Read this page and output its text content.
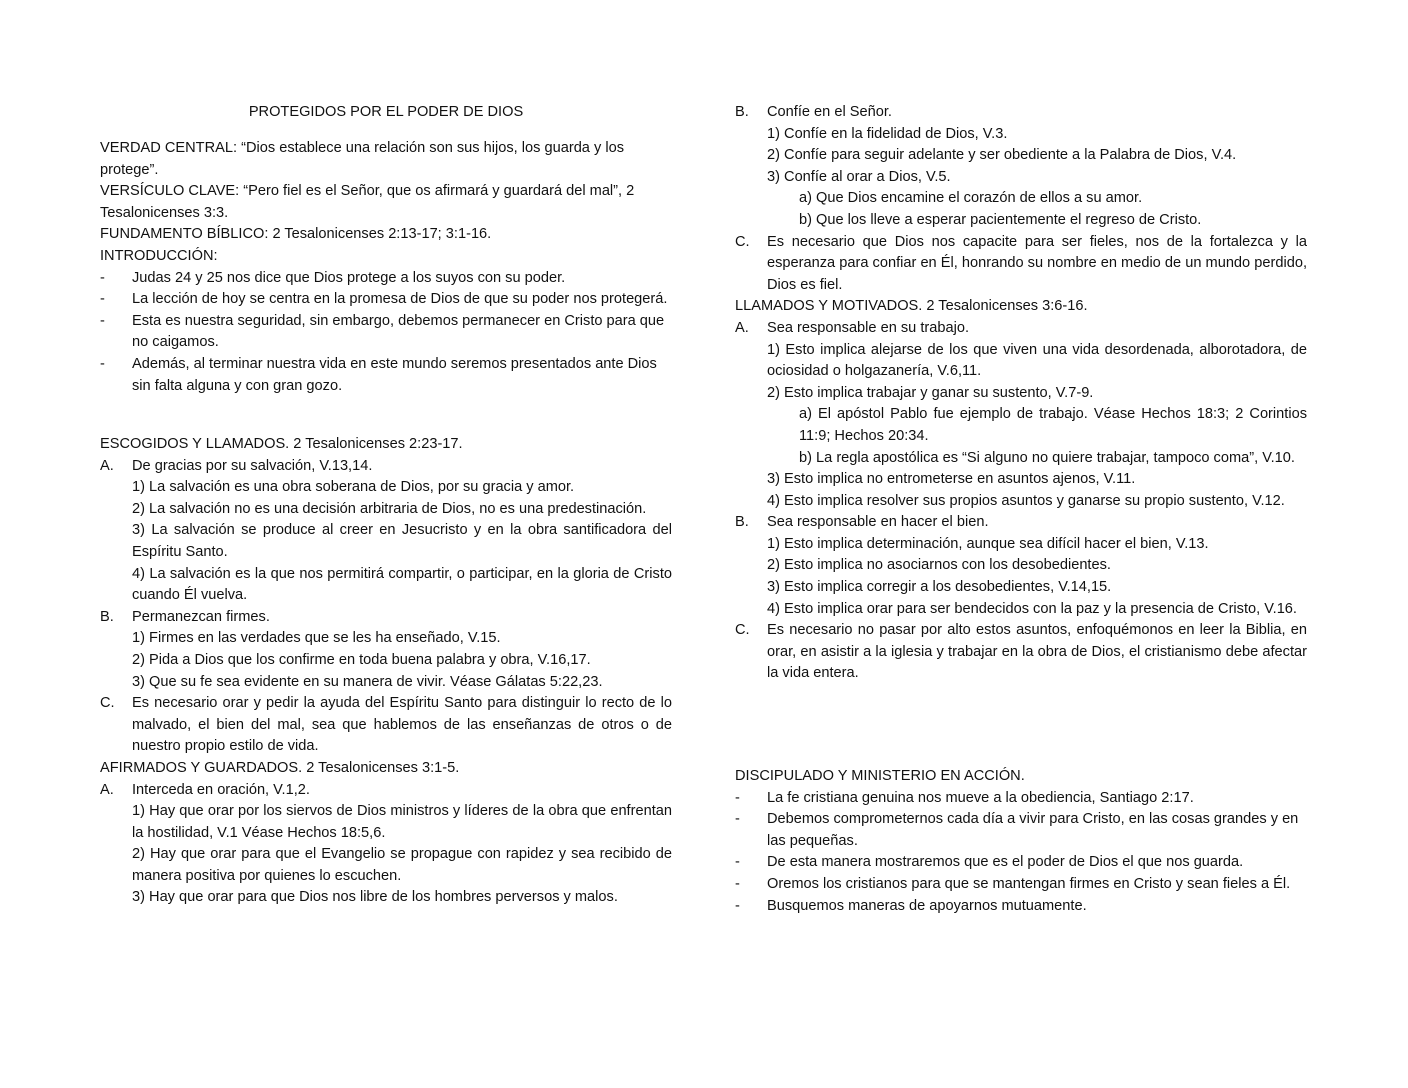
PROTEGIDOS POR EL PODER DE DIOS

VERDAD CENTRAL: “Dios establece una relación son sus hijos, los guarda y los protege”.

VERSÍCULO CLAVE: “Pero fiel es el Señor, que os afirmará y guardará del mal”, 2 Tesalonicenses 3:3.

FUNDAMENTO BÍBLICO: 2 Tesalonicenses 2:13-17; 3:1-16.

INTRODUCCIÓN:

- Judas 24 y 25 nos dice que Dios protege a los suyos con su poder.
- La lección de hoy se centra en la promesa de Dios de que su poder nos protegerá.
- Esta es nuestra seguridad, sin embargo, debemos permanecer en Cristo para que no caigamos.
- Además, al terminar nuestra vida en este mundo seremos presentados ante Dios sin falta alguna y con gran gozo.

ESCOGIDOS Y LLAMADOS. 2 Tesalonicenses 2:23-17.

A. De gracias por su salvación, V.13,14.

1) La salvación es una obra soberana de Dios, por su gracia y amor.

2) La salvación no es una decisión arbitraria de Dios, no es una predestinación.

3) La salvación se produce al creer en Jesucristo y en la obra santificadora del Espíritu Santo.

4) La salvación es la que nos permitirá compartir, o participar, en la gloria de Cristo cuando Él vuelva.

B. Permanezcan firmes.

1) Firmes en las verdades que se les ha enseñado, V.15.

2) Pida a Dios que los confirme en toda buena palabra y obra, V.16,17.

3) Que su fe sea evidente en su manera de vivir. Véase Gálatas 5:22,23.

C. Es necesario orar y pedir la ayuda del Espíritu Santo para distinguir lo recto de lo malvado, el bien del mal, sea que hablemos de las enseñanzas de otros o de nuestro propio estilo de vida.

AFIRMADOS Y GUARDADOS. 2 Tesalonicenses 3:1-5.

A. Interceda en oración, V.1,2.

1) Hay que orar por los siervos de Dios ministros y líderes de la obra que enfrentan la hostilidad, V.1 Véase Hechos 18:5,6.

2) Hay que orar para que el Evangelio se propague con rapidez y sea recibido de manera positiva por quienes lo escuchen.

3) Hay que orar para que Dios nos libre de los hombres perversos y malos.

B. Confíe en el Señor.

1) Confíe en la fidelidad de Dios, V.3.

2) Confíe para seguir adelante y ser obediente a la Palabra de Dios, V.4.

3) Confíe al orar a Dios, V.5.

a) Que Dios encamine el corazón de ellos a su amor.

b) Que los lleve a esperar pacientemente el regreso de Cristo.

C. Es necesario que Dios nos capacite para ser fieles, nos de la fortalezca y la esperanza para confiar en Él, honrando su nombre en medio de un mundo perdido, Dios es fiel.

LLAMADOS Y MOTIVADOS. 2 Tesalonicenses 3:6-16.

A. Sea responsable en su trabajo.

1) Esto implica alejarse de los que viven una vida desordenada, alborotadora, de ociosidad o holgazanería, V.6,11.

2) Esto implica trabajar y ganar su sustento, V.7-9.

a) El apóstol Pablo fue ejemplo de trabajo. Véase Hechos 18:3; 2 Corintios 11:9; Hechos 20:34.

b) La regla apostólica es “Si alguno no quiere trabajar, tampoco coma”, V.10.

3) Esto implica no entrometerse en asuntos ajenos, V.11.

4) Esto implica resolver sus propios asuntos y ganarse su propio sustento, V.12.

B. Sea responsable en hacer el bien.

1) Esto implica determinación, aunque sea difícil hacer el bien, V.13.

2) Esto implica no asociarnos con los desobedientes.

3) Esto implica corregir a los desobedientes, V.14,15.

4) Esto implica orar para ser bendecidos con la paz y la presencia de Cristo, V.16.

C. Es necesario no pasar por alto estos asuntos, enfoquémonos en leer la Biblia, en orar, en asistir a la iglesia y trabajar en la obra de Dios, el cristianismo debe afectar la vida entera.

DISCIPULADO Y MINISTERIO EN ACCIÓN.

- La fe cristiana genuina nos mueve a la obediencia, Santiago 2:17.
- Debemos comprometernos cada día a vivir para Cristo, en las cosas grandes y en las pequeñas.
- De esta manera mostraremos que es el poder de Dios el que nos guarda.
- Oremos los cristianos para que se mantengan firmes en Cristo y sean fieles a Él.
- Busquemos maneras de apoyarnos mutuamente.
